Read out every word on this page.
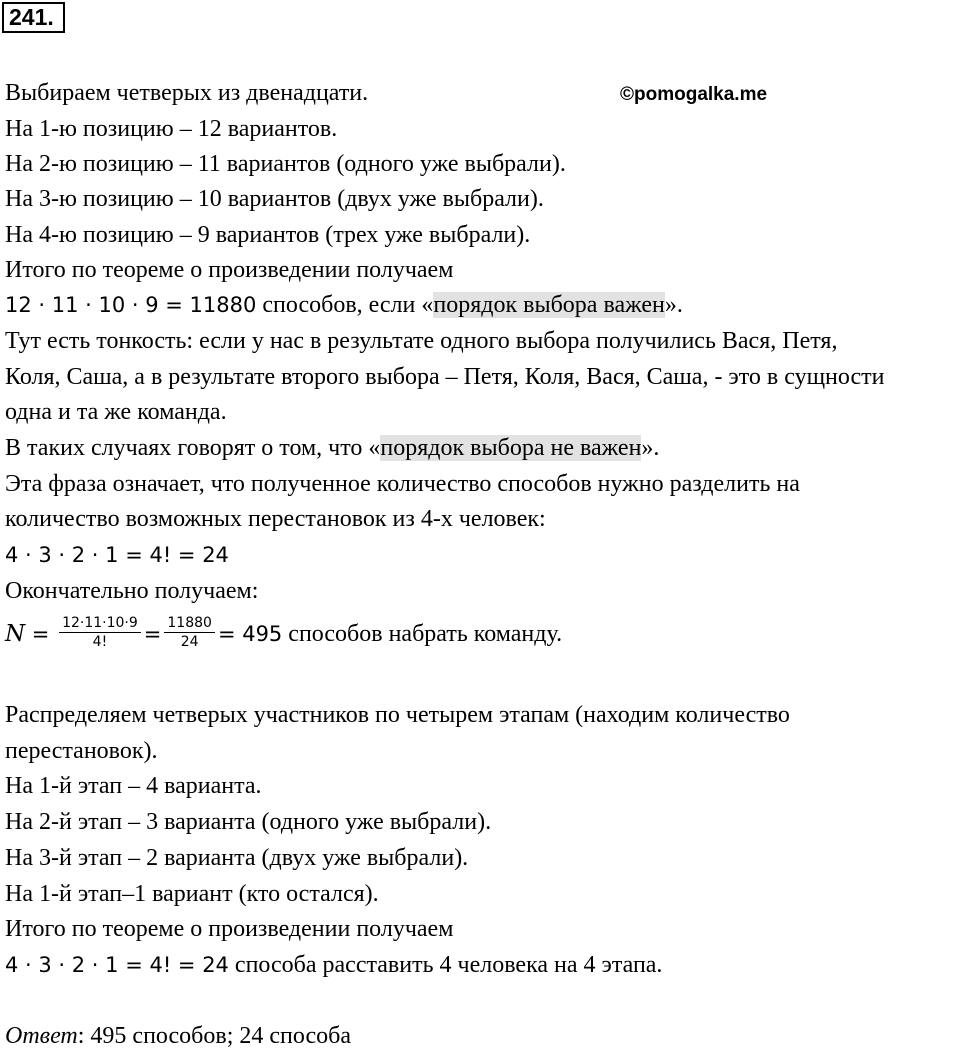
241.
©pomogalka.me
Выбираем четверых из двенадцати.
На 1-ю позицию – 12 вариантов.
На 2-ю позицию – 11 вариантов (одного уже выбрали).
На 3-ю позицию – 10 вариантов (двух уже выбрали).
На 4-ю позицию – 9 вариантов (трех уже выбрали).
Итого по теореме о произведении получаем
12 · 11 · 10 · 9 = 11880 способов, если «порядок выбора важен».
Тут есть тонкость: если у нас в результате одного выбора получились Вася, Петя,
Коля, Саша, а в результате второго выбора – Петя, Коля, Вася, Саша, - это в сущности
одна и та же команда.
В таких случаях говорят о том, что «порядок выбора не важен».
Эта фраза означает, что полученное количество способов нужно разделить на
количество возможных перестановок из 4-х человек:
4 · 3 · 2 · 1 = 4! = 24
Окончательно получаем:
$N = \frac{12\cdot 11\cdot 10\cdot 9}{4!} = \frac{11880}{24} = 495$ способов набрать команду.
Распределяем четверых участников по четырем этапам (находим количество
перестановок).
На 1-й этап – 4 варианта.
На 2-й этап – 3 варианта (одного уже выбрали).
На 3-й этап – 2 варианта (двух уже выбрали).
На 1-й этап–1 вариант (кто остался).
Итого по теореме о произведении получаем
4 · 3 · 2 · 1 = 4! = 24 способа расставить 4 человека на 4 этапа.
Ответ: 495 способов; 24 способа
